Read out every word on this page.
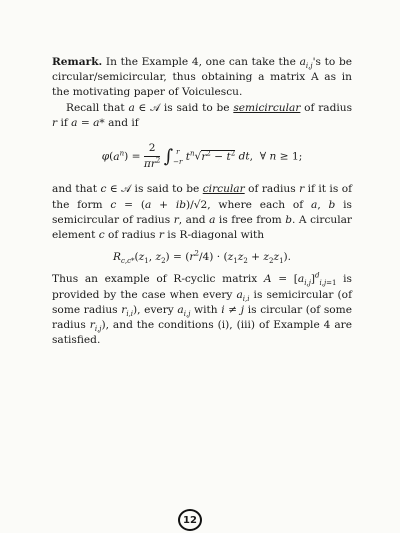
Remark. In the Example 4, one can take the $a_{i,j}'s$ to be circular/semicircular, thus obtaining a matrix A as in the motivating paper of Voiculescu.

Recall that a ∈ 𝒜 is said to be semicircular of radius r if a = a* and if

$\varphi(a^n) = \frac{2}{\pi r^2}$ ∫ r
−r $t^n√r^2 - t^2$ dt,  ∀ n ≥ 1;

and that c ∈ 𝒜 is said to be circular of radius r if it is of the form c = (a + ib)/√2, where each of a, b is semicircular of radius r, and a is free from b. A circular element c of radius r is R-diagonal with

$R_{c,c*}(z_1$, $z_2) = (r^2/4) \cdot (z_1z_2 + z_2z_1)$.

Thus an example of R-cyclic matrix $A = [a_{i,j}]^d_{i,j=1}$ is provided by the case when every $a_{i,i}$ is semicircular (of some radius $r_{i,i}$), every $a_{i,j}$ with i ≠ j is circular (of some radius $r_{i,j}$), and the conditions (i), (iii) of Example 4 are satisfied.

12
